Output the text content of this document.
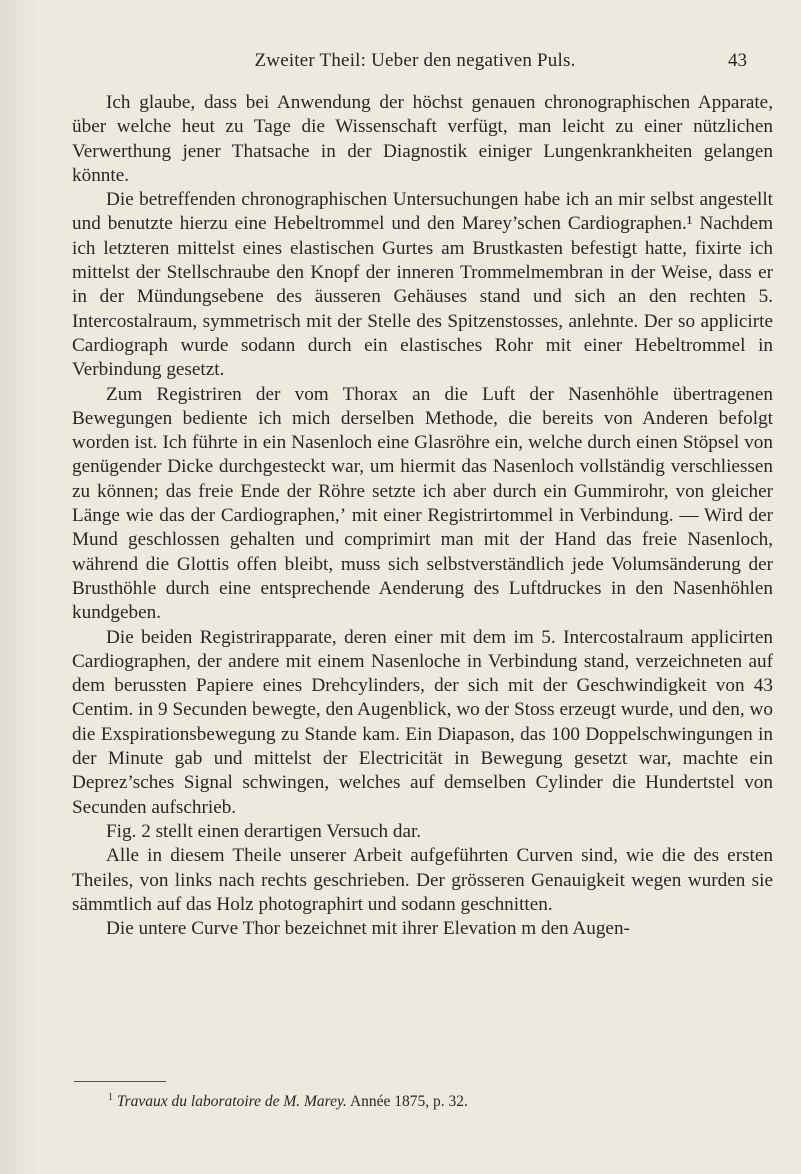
Zweiter Theil: Ueber den negativen Puls.	43

Ich glaube, dass bei Anwendung der höchst genauen chronographischen Apparate, über welche heut zu Tage die Wissenschaft verfügt, man leicht zu einer nützlichen Verwerthung jener Thatsache in der Diagnostik einiger Lungenkrankheiten gelangen könnte.

Die betreffenden chronographischen Untersuchungen habe ich an mir selbst angestellt und benutzte hierzu eine Hebeltrommel und den Marey’schen Cardiographen.¹ Nachdem ich letzteren mittelst eines elastischen Gurtes am Brustkasten befestigt hatte, fixirte ich mittelst der Stellschraube den Knopf der inneren Trommelmembran in der Weise, dass er in der Mündungsebene des äusseren Gehäuses stand und sich an den rechten 5. Intercostalraum, symmetrisch mit der Stelle des Spitzenstosses, anlehnte. Der so applicirte Cardiograph wurde sodann durch ein elastisches Rohr mit einer Hebeltrommel in Verbindung gesetzt.

Zum Registriren der vom Thorax an die Luft der Nasenhöhle übertragenen Bewegungen bediente ich mich derselben Methode, die bereits von Anderen befolgt worden ist. Ich führte in ein Nasenloch eine Glasröhre ein, welche durch einen Stöpsel von genügender Dicke durchgesteckt war, um hiermit das Nasenloch vollständig verschliessen zu können; das freie Ende der Röhre setzte ich aber durch ein Gummirohr, von gleicher Länge wie das der Cardiographen,ʼ mit einer Registrirtommel in Verbindung. — Wird der Mund geschlossen gehalten und comprimirt man mit der Hand das freie Nasenloch, während die Glottis offen bleibt, muss sich selbstverständlich jede Volumsänderung der Brusthöhle durch eine entsprechende Aenderung des Luftdruckes in den Nasenhöhlen kundgeben.

Die beiden Registrirapparate, deren einer mit dem im 5. Intercostalraum applicirten Cardiographen, der andere mit einem Nasenloche in Verbindung stand, verzeichneten auf dem berussten Papiere eines Drehcylinders, der sich mit der Geschwindigkeit von 43 Centim. in 9 Secunden bewegte, den Augenblick, wo der Stoss erzeugt wurde, und den, wo die Exspirationsbewegung zu Stande kam. Ein Diapason, das 100 Doppelschwingungen in der Minute gab und mittelst der Electricität in Bewegung gesetzt war, machte ein Deprez’sches Signal schwingen, welches auf demselben Cylinder die Hundertstel von Secunden aufschrieb.

Fig. 2 stellt einen derartigen Versuch dar.

Alle in diesem Theile unserer Arbeit aufgeführten Curven sind, wie die des ersten Theiles, von links nach rechts geschrieben. Der grösseren Genauigkeit wegen wurden sie sämmtlich auf das Holz photographirt und sodann geschnitten.

Die untere Curve Thor bezeichnet mit ihrer Elevation m den Augen-

$^1$ Travaux du laboratoire de M. Marey. Année 1875, p. 32.
